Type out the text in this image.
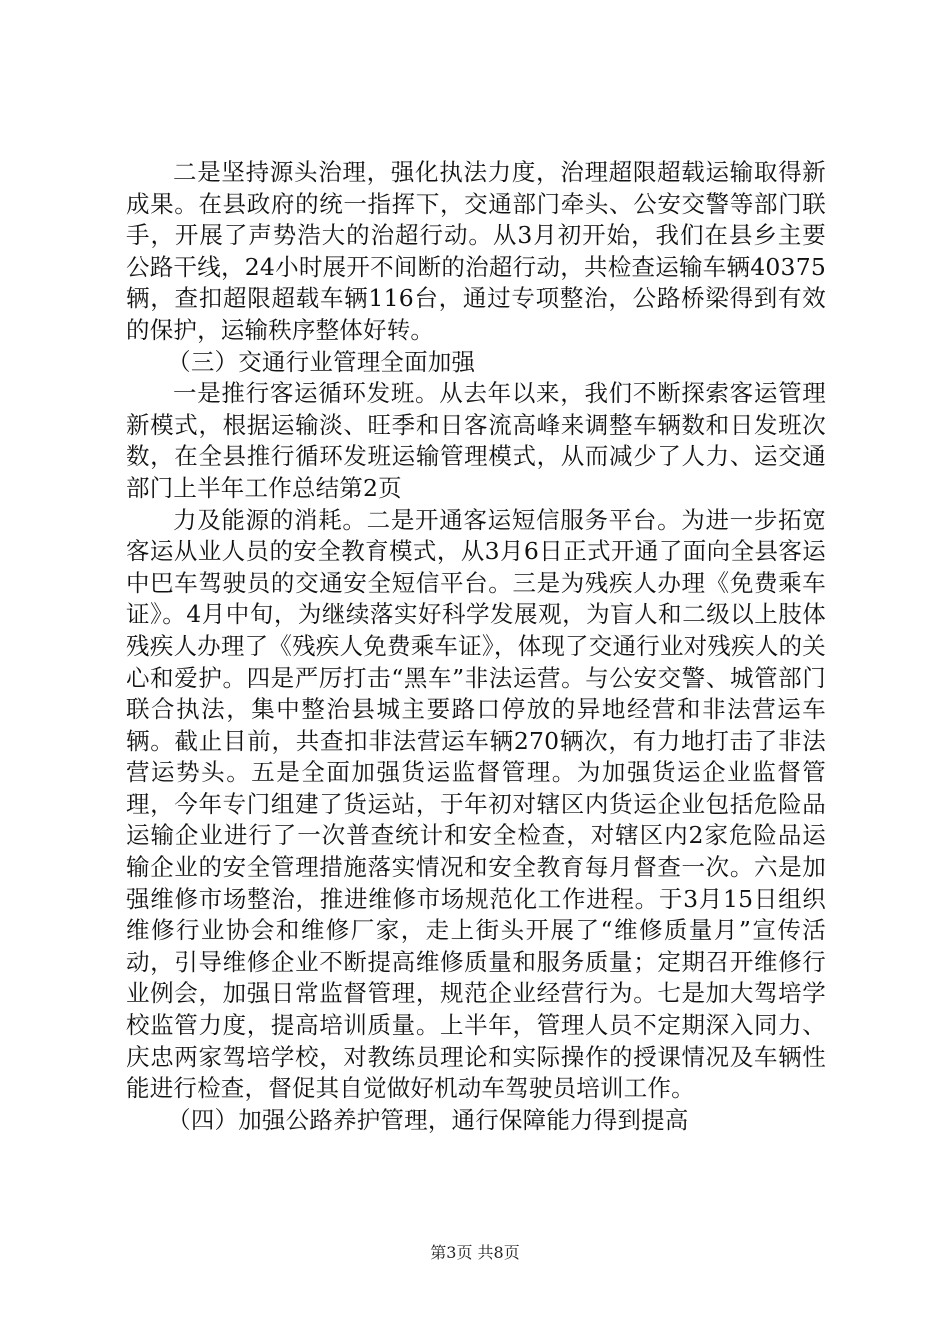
二是坚持源头治理，强化执法力度，治理超限超载运输取得新成果。在县政府的统一指挥下，交通部门牵头、公安交警等部门联手，开展了声势浩大的治超行动。从3月初开始，我们在县乡主要公路干线，24小时展开不间断的治超行动，共检查运输车辆40375辆，查扣超限超载车辆116台，通过专项整治，公路桥梁得到有效的保护，运输秩序整体好转。

（三）交通行业管理全面加强

一是推行客运循环发班。从去年以来，我们不断探索客运管理新模式，根据运输淡、旺季和日客流高峰来调整车辆数和日发班次数，在全县推行循环发班运输管理模式，从而减少了人力、运交通部门上半年工作总结第2页

力及能源的消耗。二是开通客运短信服务平台。为进一步拓宽客运从业人员的安全教育模式，从3月6日正式开通了面向全县客运中巴车驾驶员的交通安全短信平台。三是为残疾人办理《免费乘车证》。4月中旬，为继续落实好科学发展观，为盲人和二级以上肢体残疾人办理了《残疾人免费乘车证》，体现了交通行业对残疾人的关心和爱护。四是严厉打击“黑车”非法运营。与公安交警、城管部门联合执法，集中整治县城主要路口停放的异地经营和非法营运车辆。截止目前，共查扣非法营运车辆270辆次，有力地打击了非法营运势头。五是全面加强货运监督管理。为加强货运企业监督管理，今年专门组建了货运站，于年初对辖区内货运企业包括危险品运输企业进行了一次普查统计和安全检查，对辖区内2家危险品运输企业的安全管理措施落实情况和安全教育每月督查一次。六是加强维修市场整治，推进维修市场规范化工作进程。于3月15日组织维修行业协会和维修厂家，走上街头开展了“维修质量月”宣传活动，引导维修企业不断提高维修质量和服务质量；定期召开维修行业例会，加强日常监督管理，规范企业经营行为。七是加大驾培学校监管力度，提高培训质量。上半年，管理人员不定期深入同力、庆忠两家驾培学校，对教练员理论和实际操作的授课情况及车辆性能进行检查，督促其自觉做好机动车驾驶员培训工作。

（四）加强公路养护管理，通行保障能力得到提高

第3页 共8页
